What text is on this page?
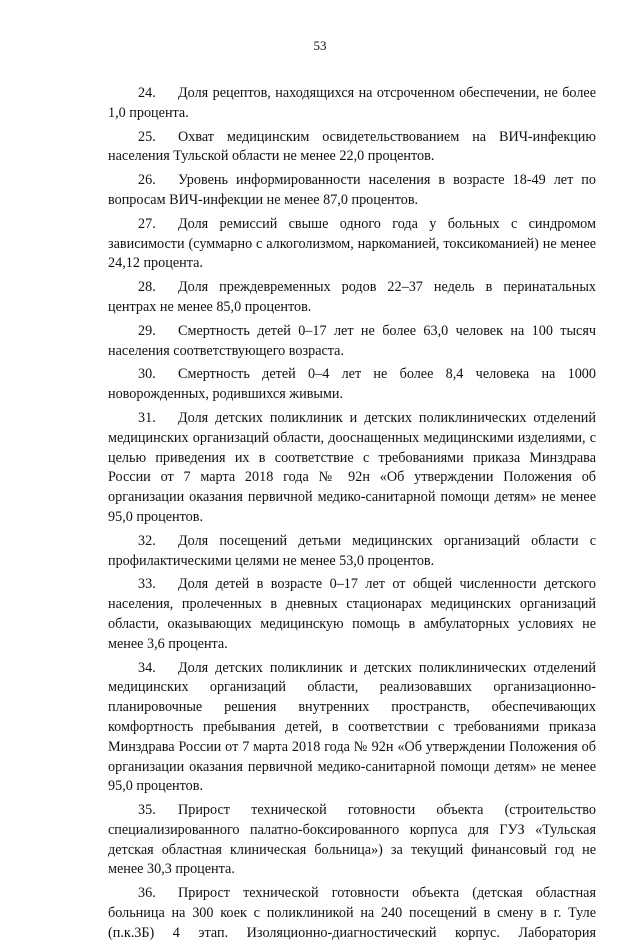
53

24. Доля рецептов, находящихся на отсроченном обеспечении, не более 1,0 процента.

25. Охват медицинским освидетельствованием на ВИЧ-инфекцию населения Тульской области не менее 22,0 процентов.

26. Уровень информированности населения в возрасте 18-49 лет по вопросам ВИЧ-инфекции не менее 87,0 процентов.

27. Доля ремиссий свыше одного года у больных с синдромом зависимости (суммарно с алкоголизмом, наркоманией, токсикоманией) не менее 24,12 процента.

28. Доля преждевременных родов 22–37 недель в перинатальных центрах не менее 85,0 процентов.

29. Смертность детей 0–17 лет не более 63,0 человек на 100 тысяч населения соответствующего возраста.

30. Смертность детей 0–4 лет не более 8,4 человека на 1000 новорожденных, родившихся живыми.

31. Доля детских поликлиник и детских поликлинических отделений медицинских организаций области, дооснащенных медицинскими изделиями, с целью приведения их в соответствие с требованиями приказа Минздрава России от 7 марта 2018 года № 92н «Об утверждении Положения об организации оказания первичной медико-санитарной помощи детям» не менее 95,0 процентов.

32. Доля посещений детьми медицинских организаций области с профилактическими целями не менее 53,0 процентов.

33. Доля детей в возрасте 0–17 лет от общей численности детского населения, пролеченных в дневных стационарах медицинских организаций области, оказывающих медицинскую помощь в амбулаторных условиях не менее 3,6 процента.

34. Доля детских поликлиник и детских поликлинических отделений медицинских организаций области, реализовавших организационно-планировочные решения внутренних пространств, обеспечивающих комфортность пребывания детей, в соответствии с требованиями приказа Минздрава России от 7 марта 2018 года № 92н «Об утверждении Положения об организации оказания первичной медико-санитарной помощи детям» не менее 95,0 процентов.

35. Прирост технической готовности объекта (строительство специализированного палатно-боксированного корпуса для ГУЗ «Тульская детская областная клиническая больница») за текущий финансовый год не менее 30,3 процента.

36. Прирост технической готовности объекта (детская областная больница на 300 коек с поликлиникой на 240 посещений в смену в г. Туле (п.к.3Б) 4 этап. Изоляционно-диагностический корпус. Лаборатория
